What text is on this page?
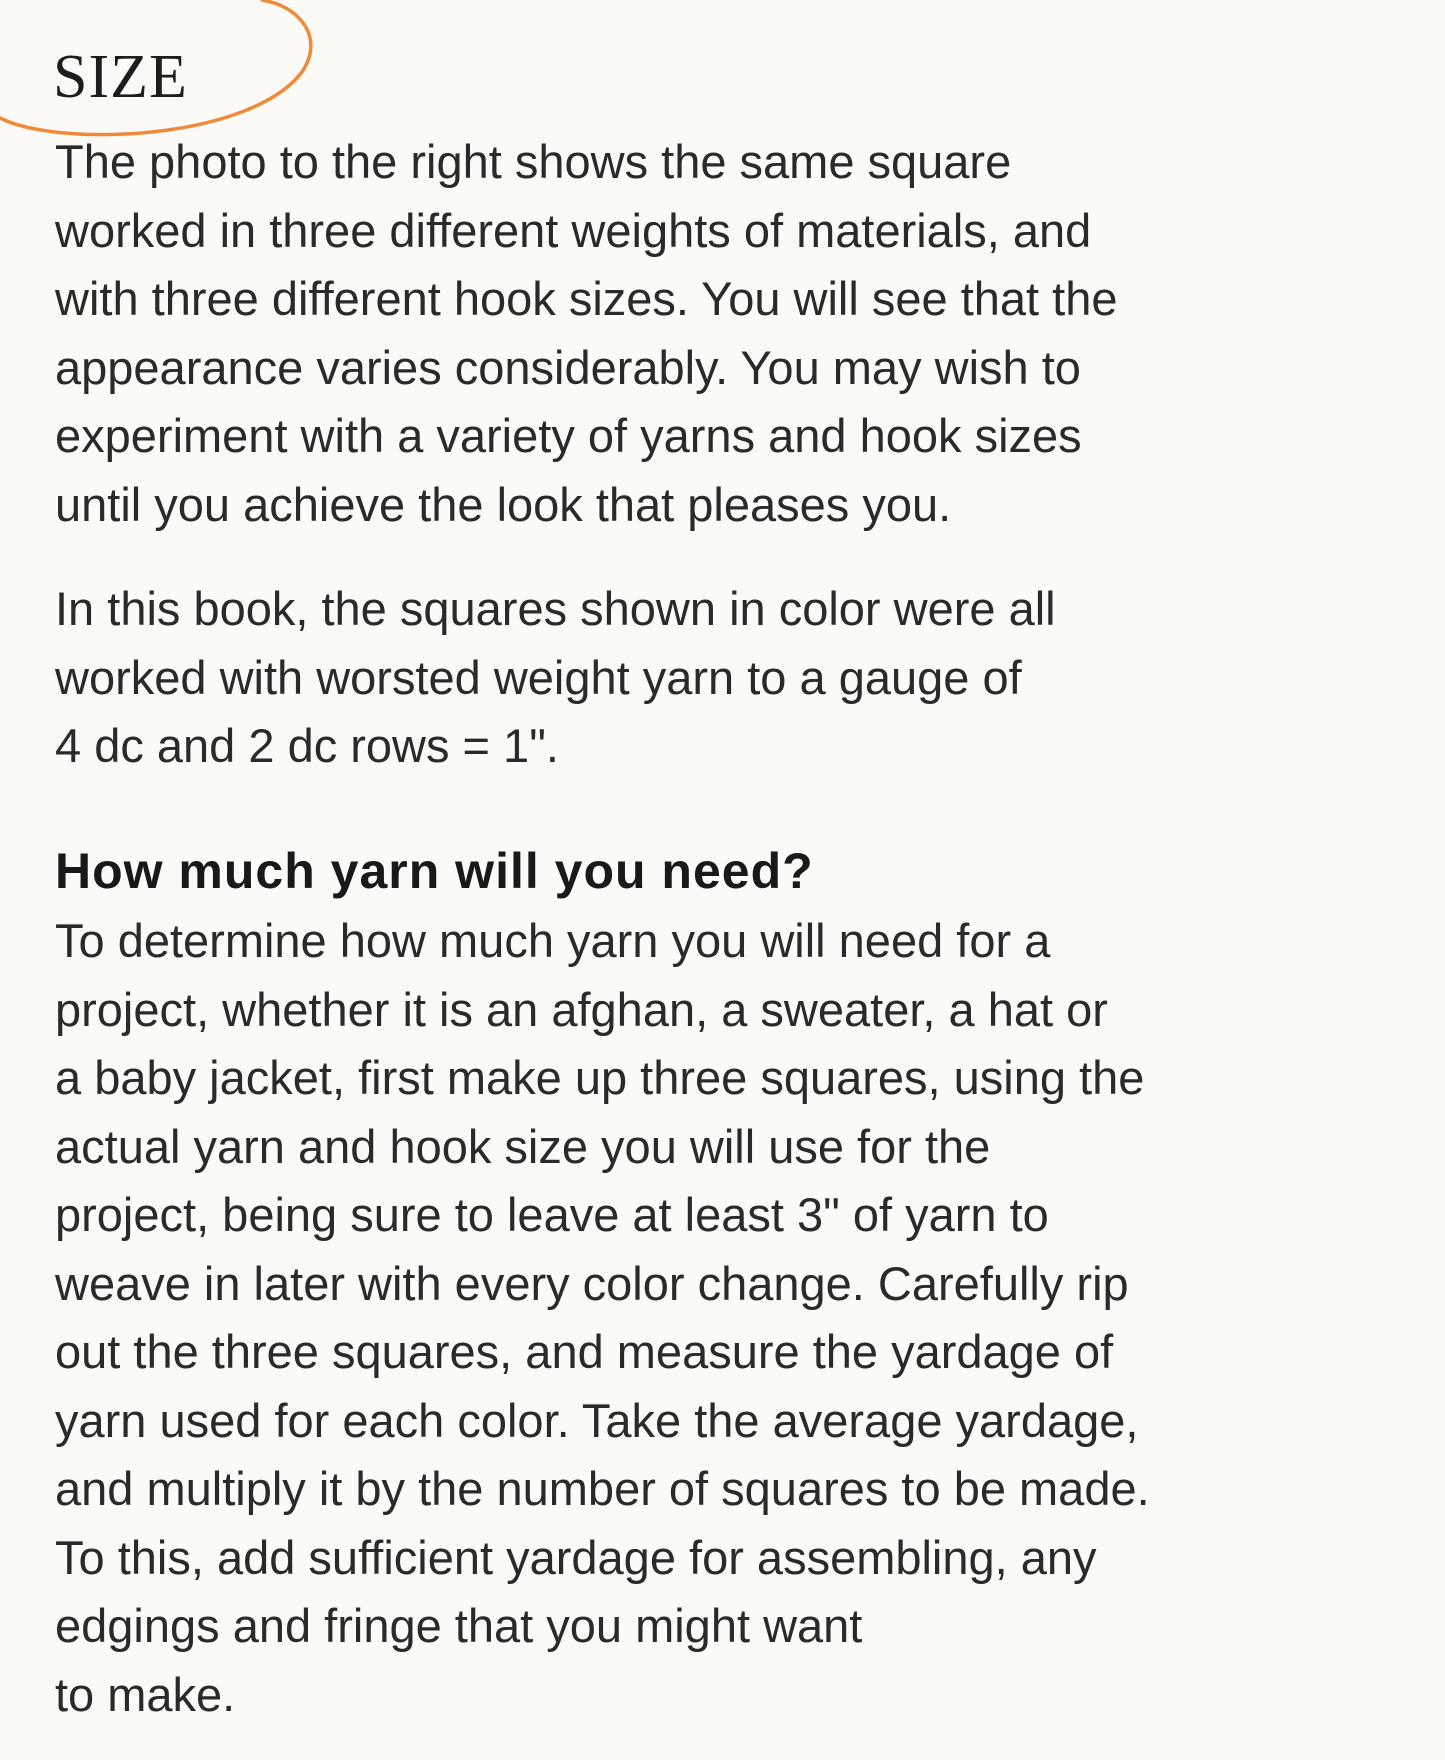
SIZE

The photo to the right shows the same square
worked in three different weights of materials, and
with three different hook sizes. You will see that the
appearance varies considerably. You may wish to
experiment with a variety of yarns and hook sizes
until you achieve the look that pleases you.

In this book, the squares shown in color were all
worked with worsted weight yarn to a gauge of
4 dc and 2 dc rows = 1".

How much yarn will you need?

To determine how much yarn you will need for a
project, whether it is an afghan, a sweater, a hat or
a baby jacket, first make up three squares, using the
actual yarn and hook size you will use for the
project, being sure to leave at least 3" of yarn to
weave in later with every color change. Carefully rip
out the three squares, and measure the yardage of
yarn used for each color. Take the average yardage,
and multiply it by the number of squares to be made.
To this, add sufficient yardage for assembling, any
edgings and fringe that you might want
to make.
